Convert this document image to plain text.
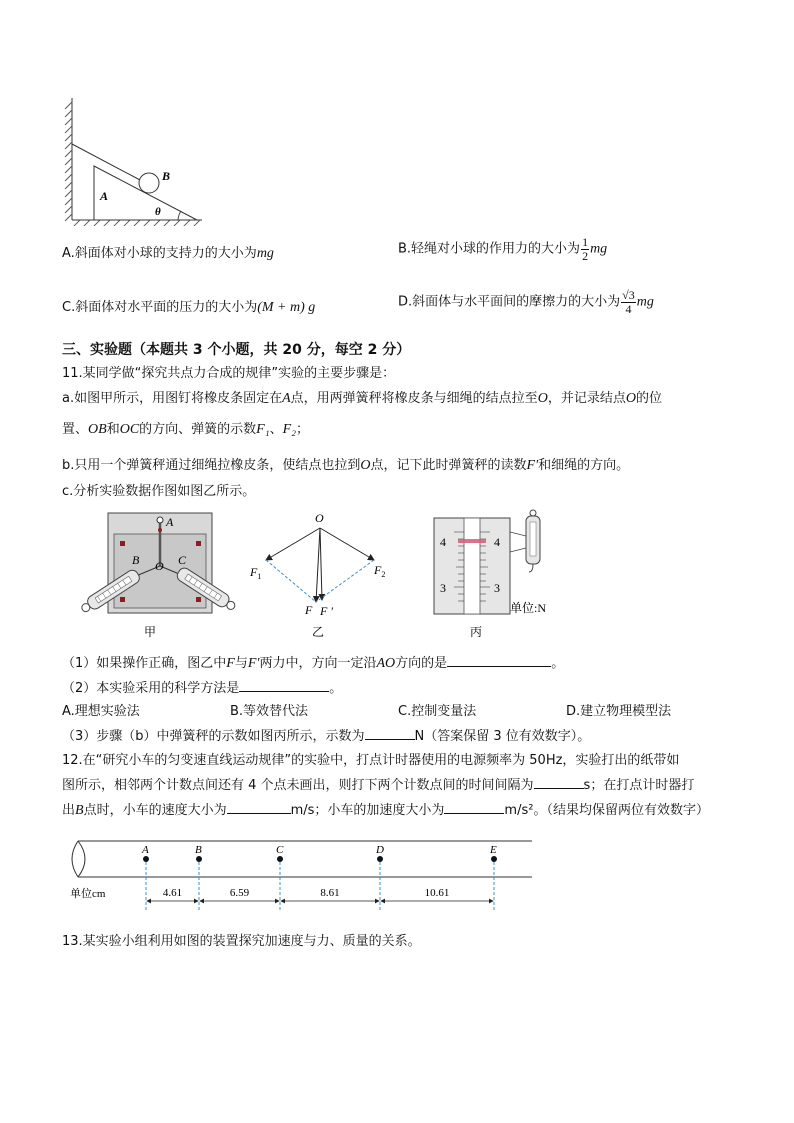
A
B
θ
A.斜面体对小球的支持力的大小为mg	B.轻绳对小球的作用力的大小为 $\frac{1}{2}$ mg
C.斜面体对水平面的压力的大小为(M + m) g	D.斜面体与水平面间的摩擦力的大小为 $\frac{√3}{4}$ mg
三、实验题（本题共 3 个小题，共 20 分，每空 2 分）
11.某同学做“探究共点力合成的规律”实验的主要步骤是：
a.如图甲所示，用图钉将橡皮条固定在A点，用两弹簧秤将橡皮条与细绳的结点拉至O，并记录结点O的位
置、OB和OC的方向、弹簧的示数F₁、F₂；
b.只用一个弹簧秤通过细绳拉橡皮条，使结点也拉到O点，记下此时弹簧秤的读数F′和细绳的方向。
c.分析实验数据作图如图乙所示。
A
B O C
甲
O
$F_1$	$F_2$
F F ′
乙
4	4
3	3
单位:N
丙
（1）如果操作正确，图乙中F与F′两力中，方向一定沿AO方向的是	。
（2）本实验采用的科学方法是	。
A.理想实验法	B.等效替代法	C.控制变量法	D.建立物理模型法
（3）步骤（b）中弹簧秤的示数如图丙所示，示数为	N（答案保留 3 位有效数字）。
12.在“研究小车的匀变速直线运动规律”的实验中，打点计时器使用的电源频率为 50Hz，实验打出的纸带如
图所示，相邻两个计数点间还有 4 个点未画出，则打下两个计数点间的时间间隔为	s；在打点计时器打
出B点时，小车的速度大小为	m/s；小车的加速度大小为	m/s²。（结果均保留两位有效数字）
A	B	C	D	E
4.61	6.59	8.61	10.61
单位cm
13.某实验小组利用如图的装置探究加速度与力、质量的关系。
